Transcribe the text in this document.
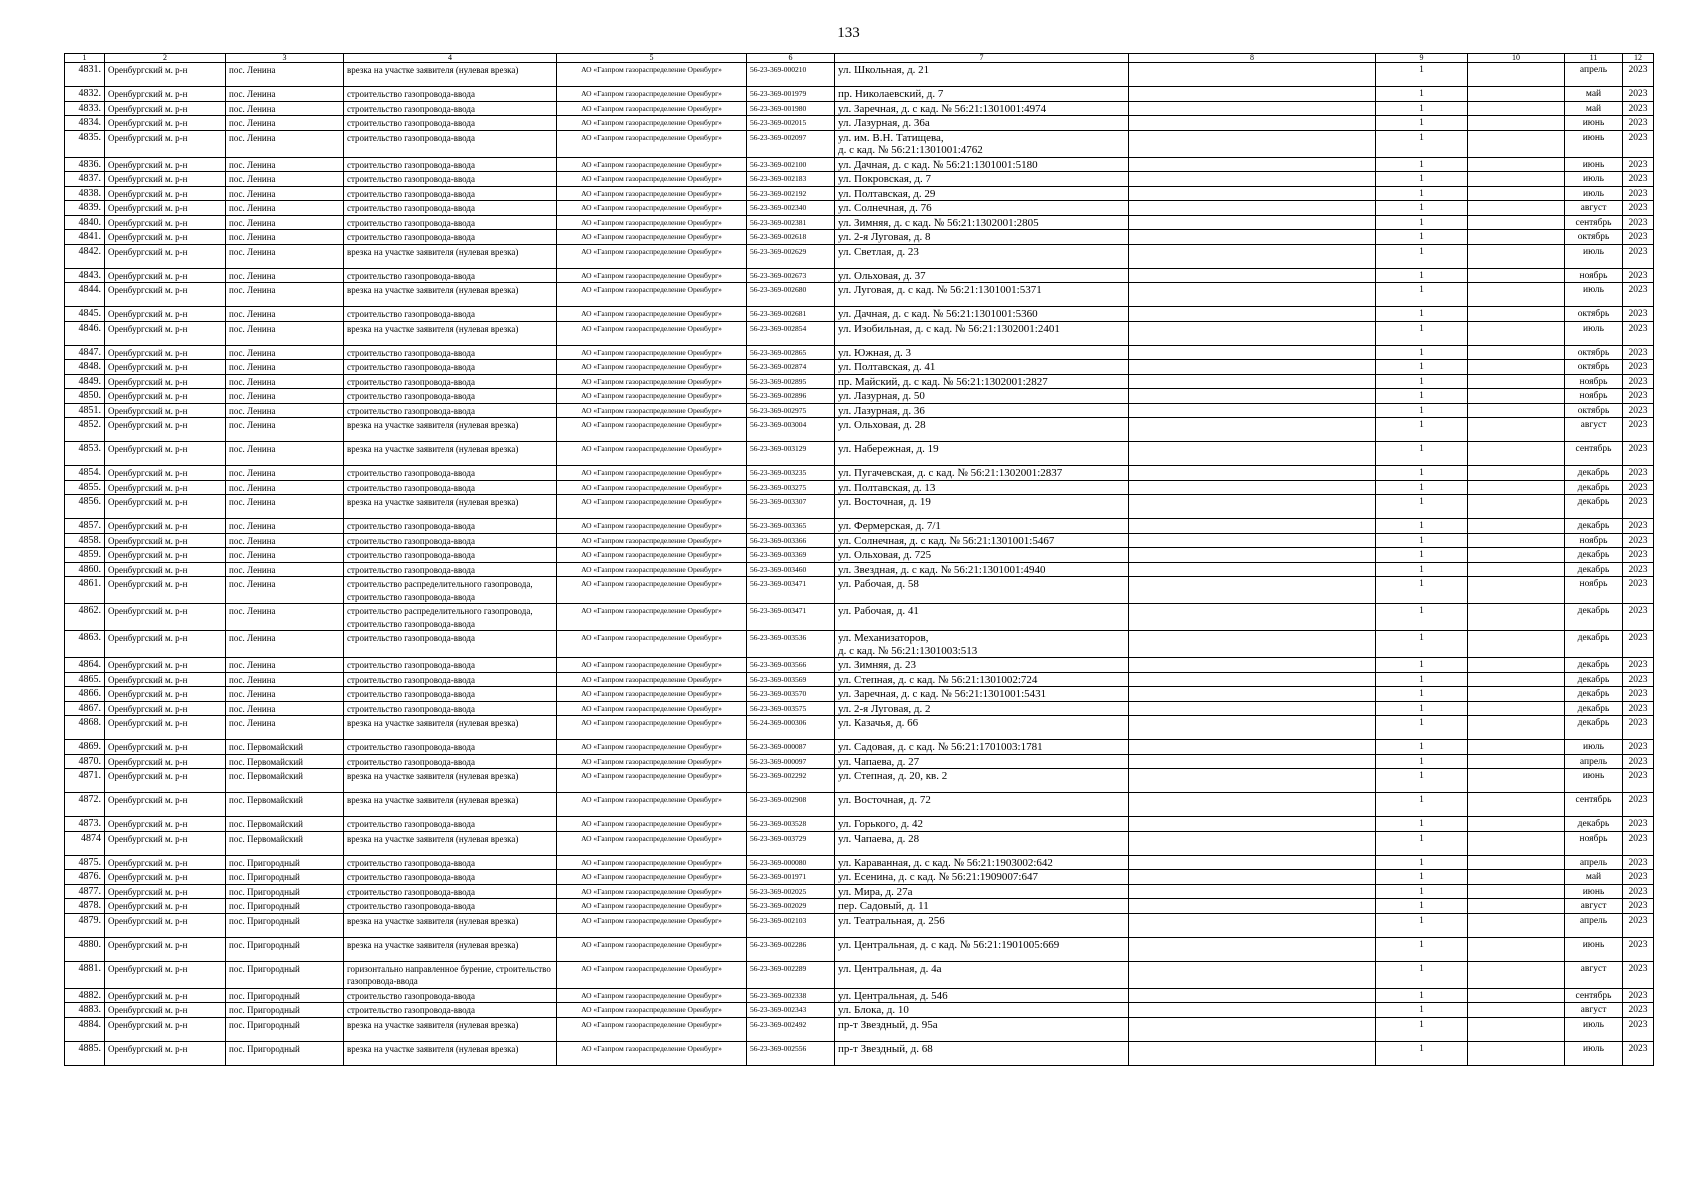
133
1	2	3	4	5	6	7	8	9	10	11	12
4831.	Оренбургский м. р-н	пос. Ленина	врезка на участке заявителя (нулевая врезка)	АО «Газпром газораспределение Оренбург»	56-23-369-000210	ул. Школьная, д. 21		1		апрель	2023
4832.	Оренбургский м. р-н	пос. Ленина	строительство газопровода-ввода	АО «Газпром газораспределение Оренбург»	56-23-369-001979	пр. Николаевский, д. 7		1		май	2023
4833.	Оренбургский м. р-н	пос. Ленина	строительство газопровода-ввода	АО «Газпром газораспределение Оренбург»	56-23-369-001980	ул. Заречная, д. с кад. № 56:21:1301001:4974		1		май	2023
4834.	Оренбургский м. р-н	пос. Ленина	строительство газопровода-ввода	АО «Газпром газораспределение Оренбург»	56-23-369-002015	ул. Лазурная, д. 36а		1		июнь	2023
4835.	Оренбургский м. р-н	пос. Ленина	строительство газопровода-ввода	АО «Газпром газораспределение Оренбург»	56-23-369-002097	ул. им. В.Н. Татищева,
д. с кад. № 56:21:1301001:4762		1		июнь	2023
4836.	Оренбургский м. р-н	пос. Ленина	строительство газопровода-ввода	АО «Газпром газораспределение Оренбург»	56-23-369-002100	ул. Дачная, д. с кад. № 56:21:1301001:5180		1		июнь	2023
4837.	Оренбургский м. р-н	пос. Ленина	строительство газопровода-ввода	АО «Газпром газораспределение Оренбург»	56-23-369-002183	ул. Покровская, д. 7		1		июль	2023
4838.	Оренбургский м. р-н	пос. Ленина	строительство газопровода-ввода	АО «Газпром газораспределение Оренбург»	56-23-369-002192	ул. Полтавская, д. 29		1		июль	2023
4839.	Оренбургский м. р-н	пос. Ленина	строительство газопровода-ввода	АО «Газпром газораспределение Оренбург»	56-23-369-002340	ул. Солнечная, д. 76		1		август	2023
4840.	Оренбургский м. р-н	пос. Ленина	строительство газопровода-ввода	АО «Газпром газораспределение Оренбург»	56-23-369-002381	ул. Зимняя, д. с кад. № 56:21:1302001:2805		1		сентябрь	2023
4841.	Оренбургский м. р-н	пос. Ленина	строительство газопровода-ввода	АО «Газпром газораспределение Оренбург»	56-23-369-002618	ул. 2-я Луговая, д. 8		1		октябрь	2023
4842.	Оренбургский м. р-н	пос. Ленина	врезка на участке заявителя (нулевая врезка)	АО «Газпром газораспределение Оренбург»	56-23-369-002629	ул. Светлая, д. 23		1		июль	2023
4843.	Оренбургский м. р-н	пос. Ленина	строительство газопровода-ввода	АО «Газпром газораспределение Оренбург»	56-23-369-002673	ул. Ольховая, д. 37		1		ноябрь	2023
4844.	Оренбургский м. р-н	пос. Ленина	врезка на участке заявителя (нулевая врезка)	АО «Газпром газораспределение Оренбург»	56-23-369-002680	ул. Луговая, д. с кад. № 56:21:1301001:5371		1		июль	2023
4845.	Оренбургский м. р-н	пос. Ленина	строительство газопровода-ввода	АО «Газпром газораспределение Оренбург»	56-23-369-002681	ул. Дачная, д. с кад. № 56:21:1301001:5360		1		октябрь	2023
4846.	Оренбургский м. р-н	пос. Ленина	врезка на участке заявителя (нулевая врезка)	АО «Газпром газораспределение Оренбург»	56-23-369-002854	ул. Изобильная, д. с кад. № 56:21:1302001:2401		1		июль	2023
4847.	Оренбургский м. р-н	пос. Ленина	строительство газопровода-ввода	АО «Газпром газораспределение Оренбург»	56-23-369-002865	ул. Южная, д. 3		1		октябрь	2023
4848.	Оренбургский м. р-н	пос. Ленина	строительство газопровода-ввода	АО «Газпром газораспределение Оренбург»	56-23-369-002874	ул. Полтавская, д. 41		1		октябрь	2023
4849.	Оренбургский м. р-н	пос. Ленина	строительство газопровода-ввода	АО «Газпром газораспределение Оренбург»	56-23-369-002895	пр. Майский, д. с кад. № 56:21:1302001:2827		1		ноябрь	2023
4850.	Оренбургский м. р-н	пос. Ленина	строительство газопровода-ввода	АО «Газпром газораспределение Оренбург»	56-23-369-002896	ул. Лазурная, д. 50		1		ноябрь	2023
4851.	Оренбургский м. р-н	пос. Ленина	строительство газопровода-ввода	АО «Газпром газораспределение Оренбург»	56-23-369-002975	ул. Лазурная, д. 36		1		октябрь	2023
4852.	Оренбургский м. р-н	пос. Ленина	врезка на участке заявителя (нулевая врезка)	АО «Газпром газораспределение Оренбург»	56-23-369-003004	ул. Ольховая, д. 28		1		август	2023
4853.	Оренбургский м. р-н	пос. Ленина	врезка на участке заявителя (нулевая врезка)	АО «Газпром газораспределение Оренбург»	56-23-369-003129	ул. Набережная, д. 19		1		сентябрь	2023
4854.	Оренбургский м. р-н	пос. Ленина	строительство газопровода-ввода	АО «Газпром газораспределение Оренбург»	56-23-369-003235	ул. Пугачевская, д. с кад. № 56:21:1302001:2837		1		декабрь	2023
4855.	Оренбургский м. р-н	пос. Ленина	строительство газопровода-ввода	АО «Газпром газораспределение Оренбург»	56-23-369-003275	ул. Полтавская, д. 13		1		декабрь	2023
4856.	Оренбургский м. р-н	пос. Ленина	врезка на участке заявителя (нулевая врезка)	АО «Газпром газораспределение Оренбург»	56-23-369-003307	ул. Восточная, д. 19		1		декабрь	2023
4857.	Оренбургский м. р-н	пос. Ленина	строительство газопровода-ввода	АО «Газпром газораспределение Оренбург»	56-23-369-003365	ул. Фермерская, д. 7/1		1		декабрь	2023
4858.	Оренбургский м. р-н	пос. Ленина	строительство газопровода-ввода	АО «Газпром газораспределение Оренбург»	56-23-369-003366	ул. Солнечная, д. с кад. № 56:21:1301001:5467		1		ноябрь	2023
4859.	Оренбургский м. р-н	пос. Ленина	строительство газопровода-ввода	АО «Газпром газораспределение Оренбург»	56-23-369-003369	ул. Ольховая, д. 725		1		декабрь	2023
4860.	Оренбургский м. р-н	пос. Ленина	строительство газопровода-ввода	АО «Газпром газораспределение Оренбург»	56-23-369-003460	ул. Звездная, д. с кад. № 56:21:1301001:4940		1		декабрь	2023
4861.	Оренбургский м. р-н	пос. Ленина	строительство распределительного газопровода, строительство газопровода-ввода	АО «Газпром газораспределение Оренбург»	56-23-369-003471	ул. Рабочая, д. 58		1		ноябрь	2023
4862.	Оренбургский м. р-н	пос. Ленина	строительство распределительного газопровода, строительство газопровода-ввода	АО «Газпром газораспределение Оренбург»	56-23-369-003471	ул. Рабочая, д. 41		1		декабрь	2023
4863.	Оренбургский м. р-н	пос. Ленина	строительство газопровода-ввода	АО «Газпром газораспределение Оренбург»	56-23-369-003536	ул. Механизаторов,
д. с кад. № 56:21:1301003:513		1		декабрь	2023
4864.	Оренбургский м. р-н	пос. Ленина	строительство газопровода-ввода	АО «Газпром газораспределение Оренбург»	56-23-369-003566	ул. Зимняя, д. 23		1		декабрь	2023
4865.	Оренбургский м. р-н	пос. Ленина	строительство газопровода-ввода	АО «Газпром газораспределение Оренбург»	56-23-369-003569	ул. Степная, д. с кад. № 56:21:1301002:724		1		декабрь	2023
4866.	Оренбургский м. р-н	пос. Ленина	строительство газопровода-ввода	АО «Газпром газораспределение Оренбург»	56-23-369-003570	ул. Заречная, д. с кад. № 56:21:1301001:5431		1		декабрь	2023
4867.	Оренбургский м. р-н	пос. Ленина	строительство газопровода-ввода	АО «Газпром газораспределение Оренбург»	56-23-369-003575	ул. 2-я Луговая, д. 2		1		декабрь	2023
4868.	Оренбургский м. р-н	пос. Ленина	врезка на участке заявителя (нулевая врезка)	АО «Газпром газораспределение Оренбург»	56-24-369-000306	ул. Казачья, д. 66		1		декабрь	2023
4869.	Оренбургский м. р-н	пос. Первомайский	строительство газопровода-ввода	АО «Газпром газораспределение Оренбург»	56-23-369-000087	ул. Садовая, д. с кад. № 56:21:1701003:1781		1		июль	2023
4870.	Оренбургский м. р-н	пос. Первомайский	строительство газопровода-ввода	АО «Газпром газораспределение Оренбург»	56-23-369-000097	ул. Чапаева, д. 27		1		апрель	2023
4871.	Оренбургский м. р-н	пос. Первомайский	врезка на участке заявителя (нулевая врезка)	АО «Газпром газораспределение Оренбург»	56-23-369-002292	ул. Степная, д. 20, кв. 2		1		июнь	2023
4872.	Оренбургский м. р-н	пос. Первомайский	врезка на участке заявителя (нулевая врезка)	АО «Газпром газораспределение Оренбург»	56-23-369-002908	ул. Восточная, д. 72		1		сентябрь	2023
4873.	Оренбургский м. р-н	пос. Первомайский	строительство газопровода-ввода	АО «Газпром газораспределение Оренбург»	56-23-369-003528	ул. Горького, д. 42		1		декабрь	2023
4874	Оренбургский м. р-н	пос. Первомайский	врезка на участке заявителя (нулевая врезка)	АО «Газпром газораспределение Оренбург»	56-23-369-003729	ул. Чапаева, д. 28		1		ноябрь	2023
4875.	Оренбургский м. р-н	пос. Пригородный	строительство газопровода-ввода	АО «Газпром газораспределение Оренбург»	56-23-369-000080	ул. Караванная, д. с кад. № 56:21:1903002:642		1		апрель	2023
4876.	Оренбургский м. р-н	пос. Пригородный	строительство газопровода-ввода	АО «Газпром газораспределение Оренбург»	56-23-369-001971	ул. Есенина, д. с кад. № 56:21:1909007:647		1		май	2023
4877.	Оренбургский м. р-н	пос. Пригородный	строительство газопровода-ввода	АО «Газпром газораспределение Оренбург»	56-23-369-002025	ул. Мира, д. 27а		1		июнь	2023
4878.	Оренбургский м. р-н	пос. Пригородный	строительство газопровода-ввода	АО «Газпром газораспределение Оренбург»	56-23-369-002029	пер. Садовый, д. 11		1		август	2023
4879.	Оренбургский м. р-н	пос. Пригородный	врезка на участке заявителя (нулевая врезка)	АО «Газпром газораспределение Оренбург»	56-23-369-002103	ул. Театральная, д. 256		1		апрель	2023
4880.	Оренбургский м. р-н	пос. Пригородный	врезка на участке заявителя (нулевая врезка)	АО «Газпром газораспределение Оренбург»	56-23-369-002286	ул. Центральная, д. с кад. № 56:21:1901005:669		1		июнь	2023
4881.	Оренбургский м. р-н	пос. Пригородный	горизонтально направленное бурение, строительство газопровода-ввода	АО «Газпром газораспределение Оренбург»	56-23-369-002289	ул. Центральная, д. 4а		1		август	2023
4882.	Оренбургский м. р-н	пос. Пригородный	строительство газопровода-ввода	АО «Газпром газораспределение Оренбург»	56-23-369-002338	ул. Центральная, д. 546		1		сентябрь	2023
4883.	Оренбургский м. р-н	пос. Пригородный	строительство газопровода-ввода	АО «Газпром газораспределение Оренбург»	56-23-369-002343	ул. Блока, д. 10		1		август	2023
4884.	Оренбургский м. р-н	пос. Пригородный	врезка на участке заявителя (нулевая врезка)	АО «Газпром газораспределение Оренбург»	56-23-369-002492	пр-т Звездный, д. 95а		1		июль	2023
4885.	Оренбургский м. р-н	пос. Пригородный	врезка на участке заявителя (нулевая врезка)	АО «Газпром газораспределение Оренбург»	56-23-369-002556	пр-т Звездный, д. 68		1		июль	2023
